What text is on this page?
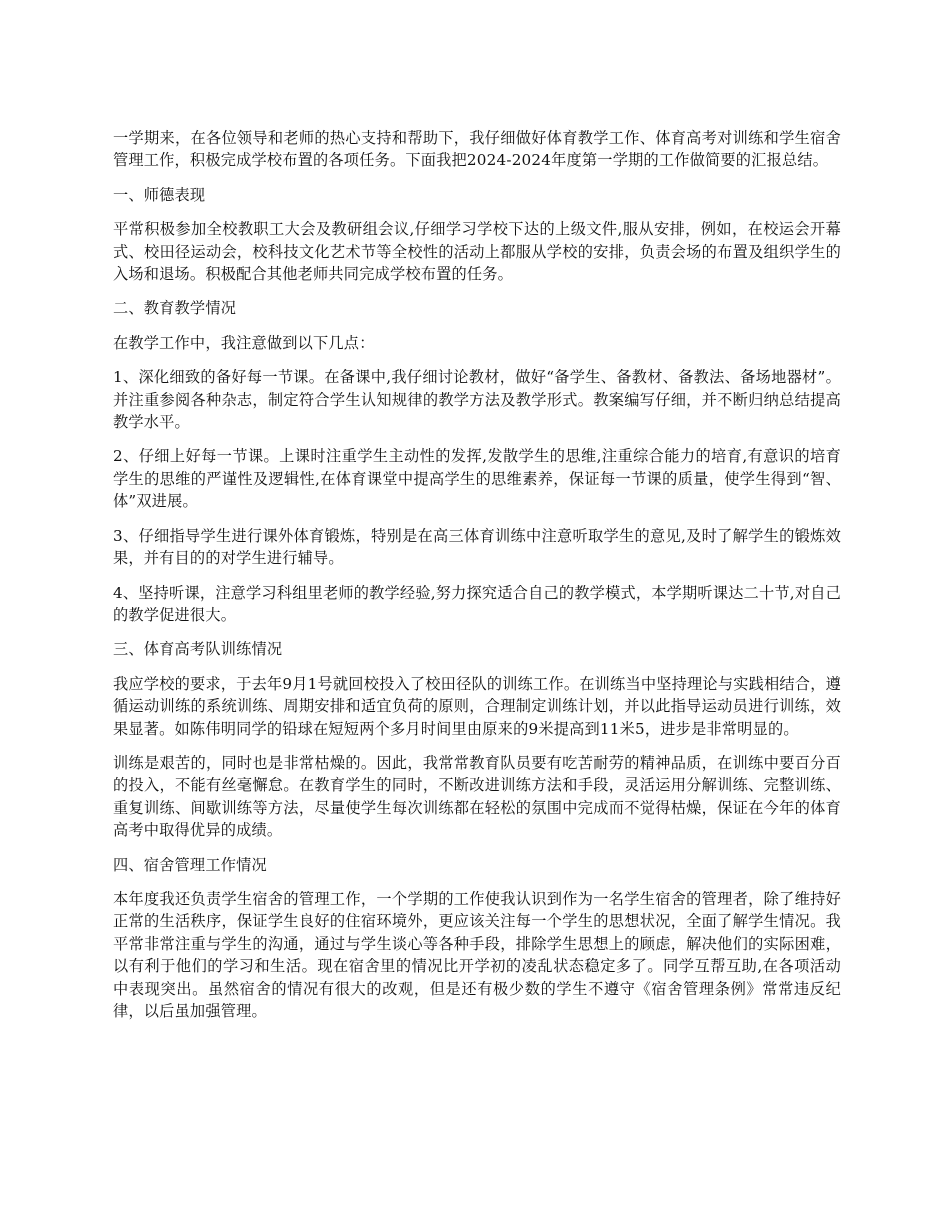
一学期来，在各位领导和老师的热心支持和帮助下，我仔细做好体育教学工作、体育高考对训练和学生宿舍管理工作，积极完成学校布置的各项任务。下面我把2024-2024年度第一学期的工作做简要的汇报总结。

一、师德表现

平常积极参加全校教职工大会及教研组会议,仔细学习学校下达的上级文件,服从安排，例如，在校运会开幕式、校田径运动会，校科技文化艺术节等全校性的活动上都服从学校的安排，负责会场的布置及组织学生的入场和退场。积极配合其他老师共同完成学校布置的任务。

二、教育教学情况

在教学工作中，我注意做到以下几点：

1、深化细致的备好每一节课。在备课中,我仔细讨论教材，做好“备学生、备教材、备教法、备场地器材”。并注重参阅各种杂志，制定符合学生认知规律的教学方法及教学形式。教案编写仔细，并不断归纳总结提高教学水平。

2、仔细上好每一节课。上课时注重学生主动性的发挥,发散学生的思维,注重综合能力的培育,有意识的培育学生的思维的严谨性及逻辑性,在体育课堂中提高学生的思维素养，保证每一节课的质量，使学生得到“智、体”双进展。

3、仔细指导学生进行课外体育锻炼，特别是在高三体育训练中注意听取学生的意见,及时了解学生的锻炼效果，并有目的的对学生进行辅导。

4、坚持听课，注意学习科组里老师的教学经验,努力探究适合自己的教学模式，本学期听课达二十节,对自己的教学促进很大。

三、体育高考队训练情况

我应学校的要求，于去年9月1号就回校投入了校田径队的训练工作。在训练当中坚持理论与实践相结合，遵循运动训练的系统训练、周期安排和适宜负荷的原则，合理制定训练计划，并以此指导运动员进行训练，效果显著。如陈伟明同学的铅球在短短两个多月时间里由原来的9米提高到11米5，进步是非常明显的。

训练是艰苦的，同时也是非常枯燥的。因此，我常常教育队员要有吃苦耐劳的精神品质，在训练中要百分百的投入，不能有丝毫懈怠。在教育学生的同时，不断改进训练方法和手段，灵活运用分解训练、完整训练、重复训练、间歇训练等方法，尽量使学生每次训练都在轻松的氛围中完成而不觉得枯燥，保证在今年的体育高考中取得优异的成绩。

四、宿舍管理工作情况

本年度我还负责学生宿舍的管理工作，一个学期的工作使我认识到作为一名学生宿舍的管理者，除了维持好正常的生活秩序，保证学生良好的住宿环境外，更应该关注每一个学生的思想状况，全面了解学生情况。我平常非常注重与学生的沟通，通过与学生谈心等各种手段，排除学生思想上的顾虑，解决他们的实际困难，以有利于他们的学习和生活。现在宿舍里的情况比开学初的凌乱状态稳定多了。同学互帮互助,在各项活动中表现突出。虽然宿舍的情况有很大的改观，但是还有极少数的学生不遵守《宿舍管理条例》常常违反纪律，以后虽加强管理。
